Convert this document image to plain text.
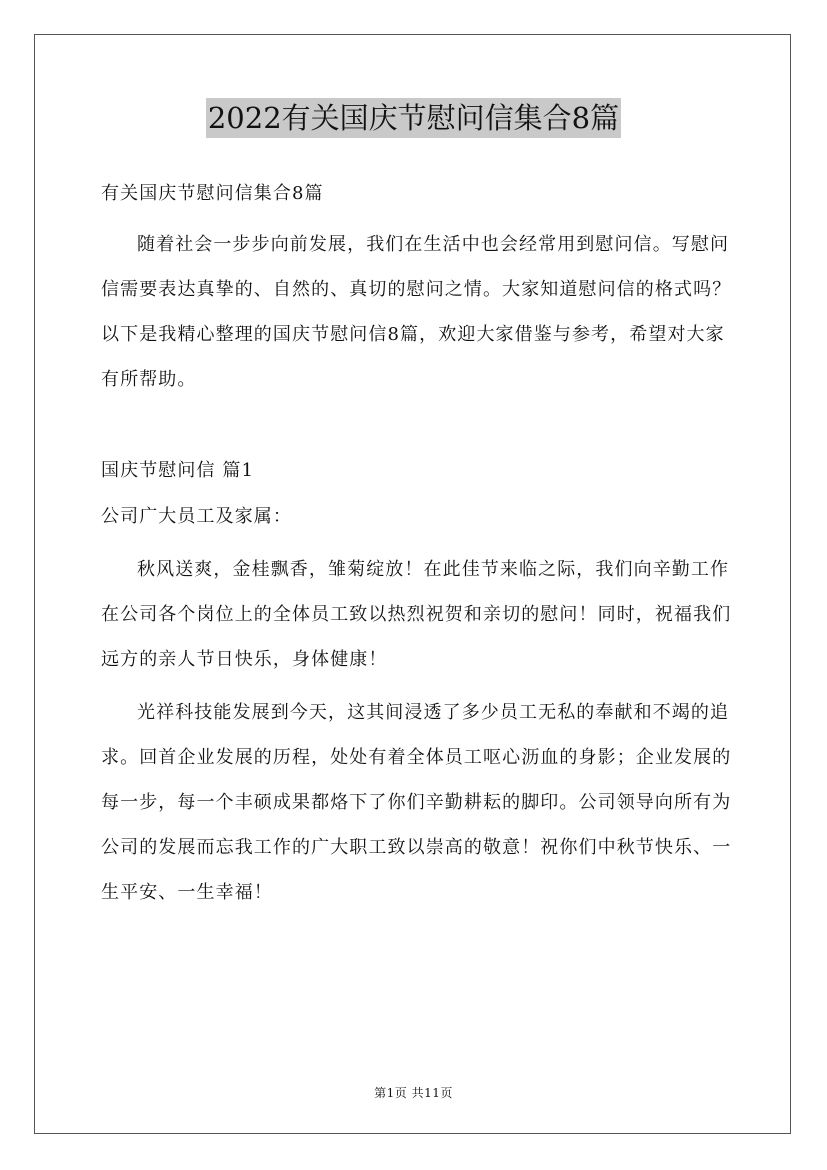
2022有关国庆节慰问信集合8篇

有关国庆节慰问信集合8篇

随着社会一步步向前发展，我们在生活中也会经常用到慰问信。写慰问信需要表达真挚的、自然的、真切的慰问之情。大家知道慰问信的格式吗？以下是我精心整理的国庆节慰问信8篇，欢迎大家借鉴与参考，希望对大家有所帮助。

国庆节慰问信 篇1

公司广大员工及家属：

秋风送爽，金桂飘香，雏菊绽放！在此佳节来临之际，我们向辛勤工作在公司各个岗位上的全体员工致以热烈祝贺和亲切的慰问！同时，祝福我们远方的亲人节日快乐，身体健康！

光祥科技能发展到今天，这其间浸透了多少员工无私的奉献和不竭的追求。回首企业发展的历程，处处有着全体员工呕心沥血的身影；企业发展的每一步，每一个丰硕成果都烙下了你们辛勤耕耘的脚印。公司领导向所有为公司的发展而忘我工作的广大职工致以崇高的敬意！祝你们中秋节快乐、一生平安、一生幸福！

第1页 共11页
